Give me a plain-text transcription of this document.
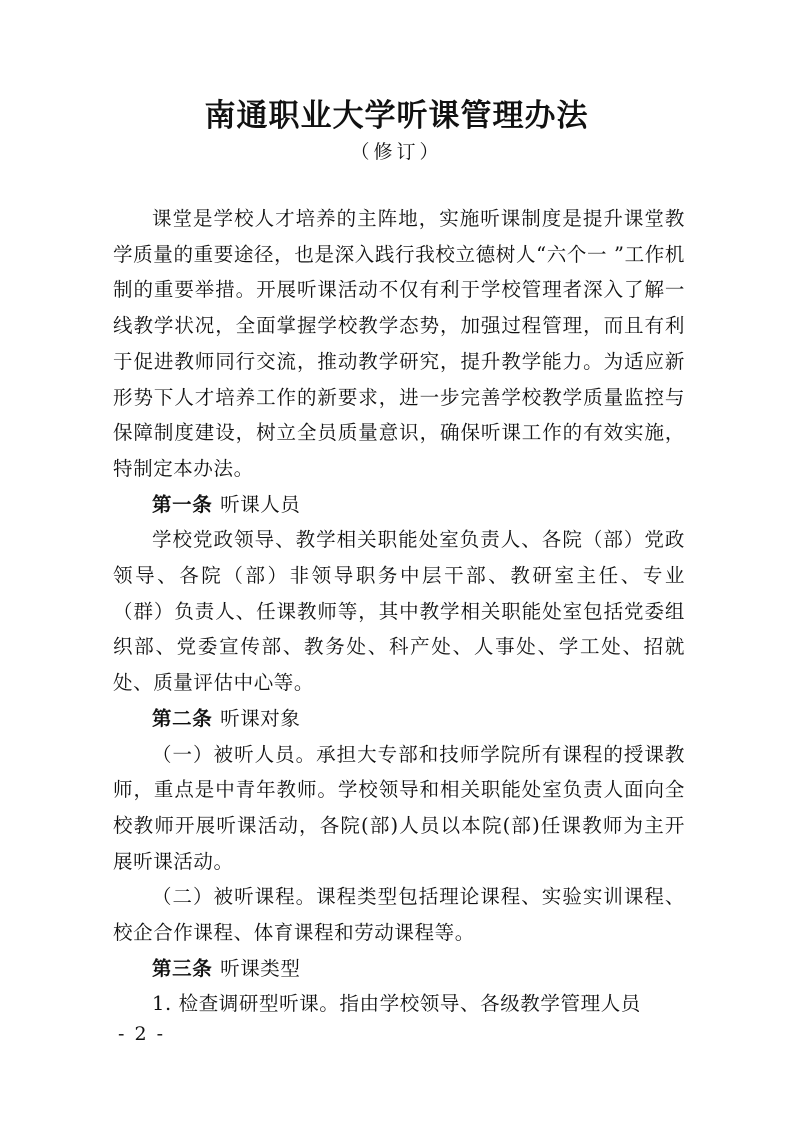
南通职业大学听课管理办法
（修订）

课堂是学校人才培养的主阵地，实施听课制度是提升课堂教学质量的重要途径，也是深入践行我校立德树人“六个一 ”工作机制的重要举措。开展听课活动不仅有利于学校管理者深入了解一线教学状况，全面掌握学校教学态势，加强过程管理，而且有利于促进教师同行交流，推动教学研究，提升教学能力。为适应新形势下人才培养工作的新要求，进一步完善学校教学质量监控与保障制度建设，树立全员质量意识，确保听课工作的有效实施，特制定本办法。

第一条 听课人员

学校党政领导、教学相关职能处室负责人、各院（部）党政领导、各院（部）非领导职务中层干部、教研室主任、专业（群）负责人、任课教师等，其中教学相关职能处室包括党委组织部、党委宣传部、教务处、科产处、人事处、学工处、招就处、质量评估中心等。

第二条 听课对象

（一）被听人员。承担大专部和技师学院所有课程的授课教师，重点是中青年教师。学校领导和相关职能处室负责人面向全校教师开展听课活动，各院(部)人员以本院(部)任课教师为主开展听课活动。

（二）被听课程。课程类型包括理论课程、实验实训课程、校企合作课程、体育课程和劳动课程等。

第三条 听课类型

1. 检查调研型听课。指由学校领导、各级教学管理人员

- 2 -
